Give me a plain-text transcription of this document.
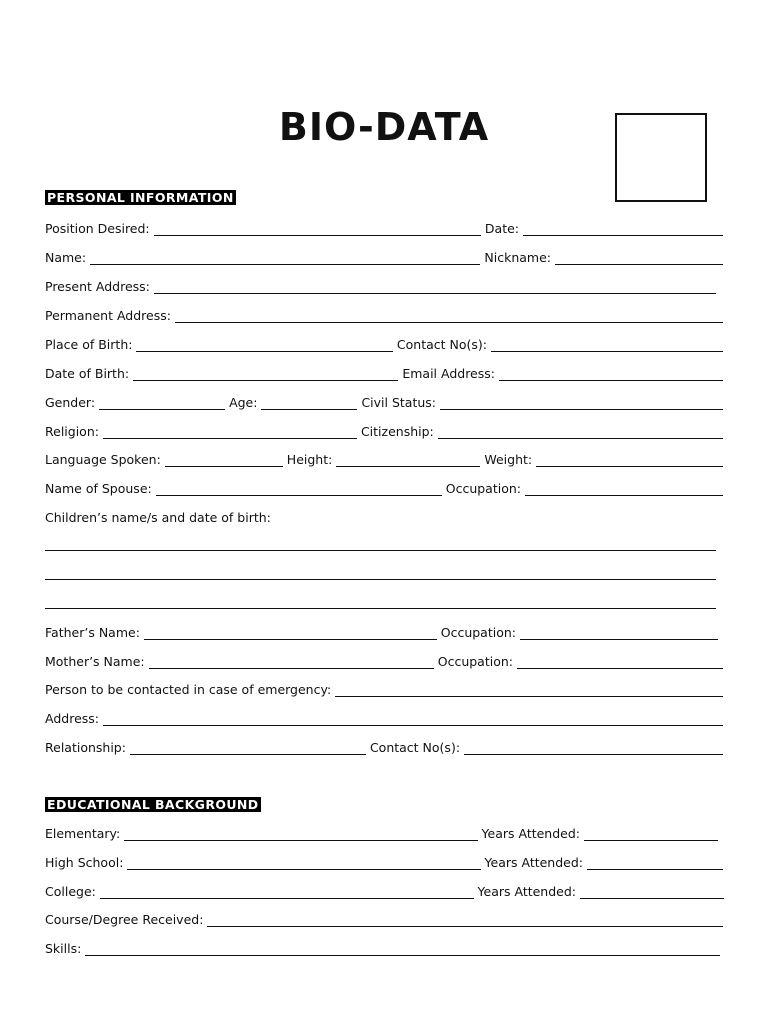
BIO-DATA
PERSONAL INFORMATION
Position Desired:	Date:
Name:	Nickname:
Present Address:
Permanent Address:
Place of Birth:	Contact No(s):
Date of Birth:	Email Address:
Gender:	Age:	Civil Status:
Religion:	Citizenship:
Language Spoken:	Height:	Weight:
Name of Spouse:	Occupation:
Children’s name/s and date of birth:
Father’s Name:	Occupation:
Mother’s Name:	Occupation:
Person to be contacted in case of emergency:
Address:
Relationship:	Contact No(s):
EDUCATIONAL BACKGROUND
Elementary:	Years Attended:
High School:	Years Attended:
College:	Years Attended:
Course/Degree Received:
Skills:
